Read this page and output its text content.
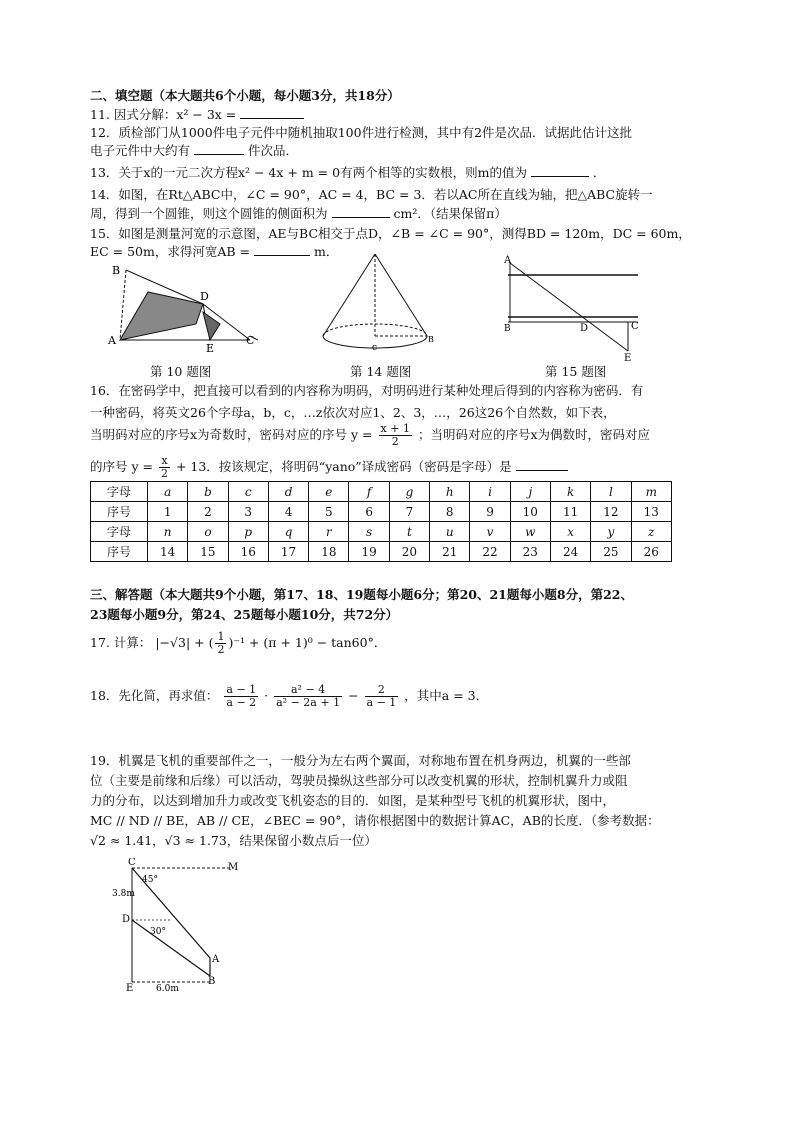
二、填空题（本大题共6个小题，每小题3分，共18分）
11. 因式分解：x² − 3x =
12．质检部门从1000件电子元件中随机抽取100件进行检测，其中有2件是次品．试据此估计这批
电子元件中大约有	件次品．
13．关于x的一元二次方程x² − 4x + m = 0有两个相等的实数根，则m的值为	．
14．如图，在Rt△ABC中，∠C = 90°，AC = 4，BC = 3．若以AC所在直线为轴，把△ABC旋转一
周，得到一个圆锥，则这个圆锥的侧面积为	cm²．（结果保留π）
15．如图是测量河宽的示意图，AE与BC相交于点D，∠B = ∠C = 90°，测得BD = 120m，DC = 60m，
EC = 50m，求得河宽AB =	m．
B
D
A
E
C
第 10 题图
c
B
第 14 题图
A
B	D	C
E
第 15 题图
16．在密码学中，把直接可以看到的内容称为明码，对明码进行某种处理后得到的内容称为密码．有
一种密码，将英文26个字母a，b，c，…z依次对应1、2、3，…，26这26个自然数，如下表，
当明码对应的序号x为奇数时，密码对应的序号 $y = \frac{x + 1}{2}$ ；当明码对应的序号x为偶数时，密码对应
的序号 $y = \frac{x}{2} + 13$．按该规定，将明码“yano”译成密码（密码是字母）是
字母	a	b	c	d	e	f	g	h	i	j	k	l	m
序号	1	2	3	4	5	6	7	8	9	10	11	12	13
字母	n	o	p	q	r	s	t	u	v	w	x	y	z
序号	14	15	16	17	18	19	20	21	22	23	24	25	26
三、解答题（本大题共9个小题，第17、18、19题每小题6分；第20、21题每小题8分，第22、
23题每小题9分，第24、25题每小题10分，共72分）
17. 计算： |−√3| + ( $\frac{1}{2} )^{-1} + (\pi + 1)^0 - \tan 60^\circ$．
18．先化简，再求值： $\frac{a - 1}{a - 2} \cdot \frac{\text{a² − 4}}{\text{a² − 2a + 1}} - \frac{2}{a - 1}$ ，其中a = 3．
19．机翼是飞机的重要部件之一，一般分为左右两个翼面，对称地布置在机身两边，机翼的一些部
位（主要是前缘和后缘）可以活动，驾驶员操纵这些部分可以改变机翼的形状，控制机翼升力或阻
力的分布，以达到增加升力或改变飞机姿态的目的．如图，是某种型号飞机的机翼形状，图中，
MC // ND // BE，AB // CE，∠BEC = 90°，请你根据图中的数据计算AC，AB的长度．（参考数据：
√2 ≈ 1.41，√3 ≈ 1.73，结果保留小数点后一位）
C	M
45°
3.8m
D
30°
A
E	6.0m
B
